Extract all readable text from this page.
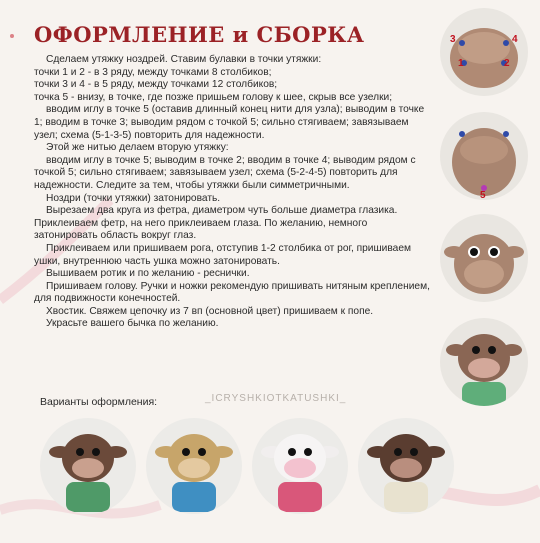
ОФОРМЛЕНИЕ и СБОРКА

Сделаем утяжку ноздрей. Ставим булавки в точки утяжки:

точки 1 и 2 - в 3 ряду, между точками 8 столбиков;

точки 3 и 4 - в 5 ряду, между точками 12 столбиков;

точка 5 - внизу, в точке, где позже пришьем голову к шее, скрыв все узелки;

вводим иглу в точке 5 (оставив длинный конец нити для узла); выводим в точке 1; вводим в точке 3; выводим рядом с точкой 5; сильно стягиваем; завязываем узел; схема (5-1-3-5) повторить для надежности.

Этой же нитью делаем вторую утяжку:

вводим иглу в точке 5; выводим в точке 2; вводим в точке 4; выводим рядом с точкой 5; сильно стягиваем; завязываем узел; схема (5-2-4-5) повторить для надежности. Следите за тем, чтобы утяжки были симметричными.

Ноздри (точки утяжки) затонировать.

Вырезаем два круга из фетра, диаметром чуть больше диаметра глазика. Приклеиваем фетр, на него приклеиваем глаза. По желанию, немного затонировать область вокруг глаз.

Приклеиваем или пришиваем рога, отступив 1-2 столбика от рог, пришиваем ушки, внутреннюю часть ушка можно затонировать.

Вышиваем ротик и по желанию - реснички.

Пришиваем голову. Ручки и ножки рекомендую пришивать нитяным креплением, для подвижности конечностей.

Хвостик. Свяжем цепочку из 7 вп (основной цвет) пришиваем к попе.

Украсьте вашего бычка по желанию.

3	4
1	2
5
_ICRYSHKIOTKATUSHKI_
Варианты оформления:
